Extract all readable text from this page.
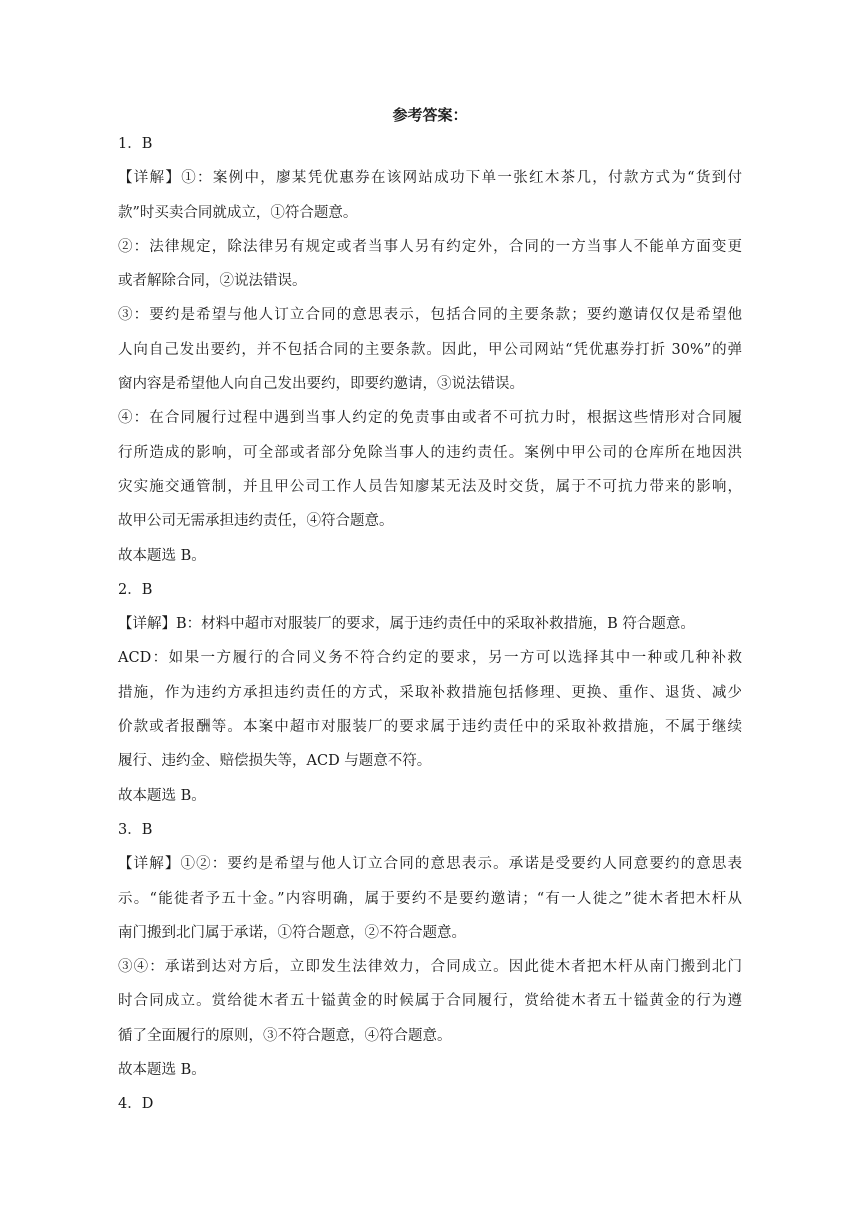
参考答案：
1．B
【详解】①：案例中，廖某凭优惠券在该网站成功下单一张红木茶几，付款方式为“货到付
款”时买卖合同就成立，①符合题意。
②：法律规定，除法律另有规定或者当事人另有约定外，合同的一方当事人不能单方面变更
或者解除合同，②说法错误。
③：要约是希望与他人订立合同的意思表示，包括合同的主要条款；要约邀请仅仅是希望他
人向自己发出要约，并不包括合同的主要条款。因此，甲公司网站“凭优惠券打折 30%”的弹
窗内容是希望他人向自己发出要约，即要约邀请，③说法错误。
④：在合同履行过程中遇到当事人约定的免责事由或者不可抗力时，根据这些情形对合同履
行所造成的影响，可全部或者部分免除当事人的违约责任。案例中甲公司的仓库所在地因洪
灾实施交通管制，并且甲公司工作人员告知廖某无法及时交货，属于不可抗力带来的影响，
故甲公司无需承担违约责任，④符合题意。
故本题选 B。
2．B
【详解】B：材料中超市对服装厂的要求，属于违约责任中的采取补救措施，B 符合题意。
ACD：如果一方履行的合同义务不符合约定的要求，另一方可以选择其中一种或几种补救
措施，作为违约方承担违约责任的方式，采取补救措施包括修理、更换、重作、退货、减少
价款或者报酬等。本案中超市对服装厂的要求属于违约责任中的采取补救措施，不属于继续
履行、违约金、赔偿损失等，ACD 与题意不符。
故本题选 B。
3．B
【详解】①②：要约是希望与他人订立合同的意思表示。承诺是受要约人同意要约的意思表
示。“能徙者予五十金。”内容明确，属于要约不是要约邀请；“有一人徙之”徙木者把木杆从
南门搬到北门属于承诺，①符合题意，②不符合题意。
③④：承诺到达对方后，立即发生法律效力，合同成立。因此徙木者把木杆从南门搬到北门
时合同成立。赏给徙木者五十镒黄金的时候属于合同履行，赏给徙木者五十镒黄金的行为遵
循了全面履行的原则，③不符合题意，④符合题意。
故本题选 B。
4．D
